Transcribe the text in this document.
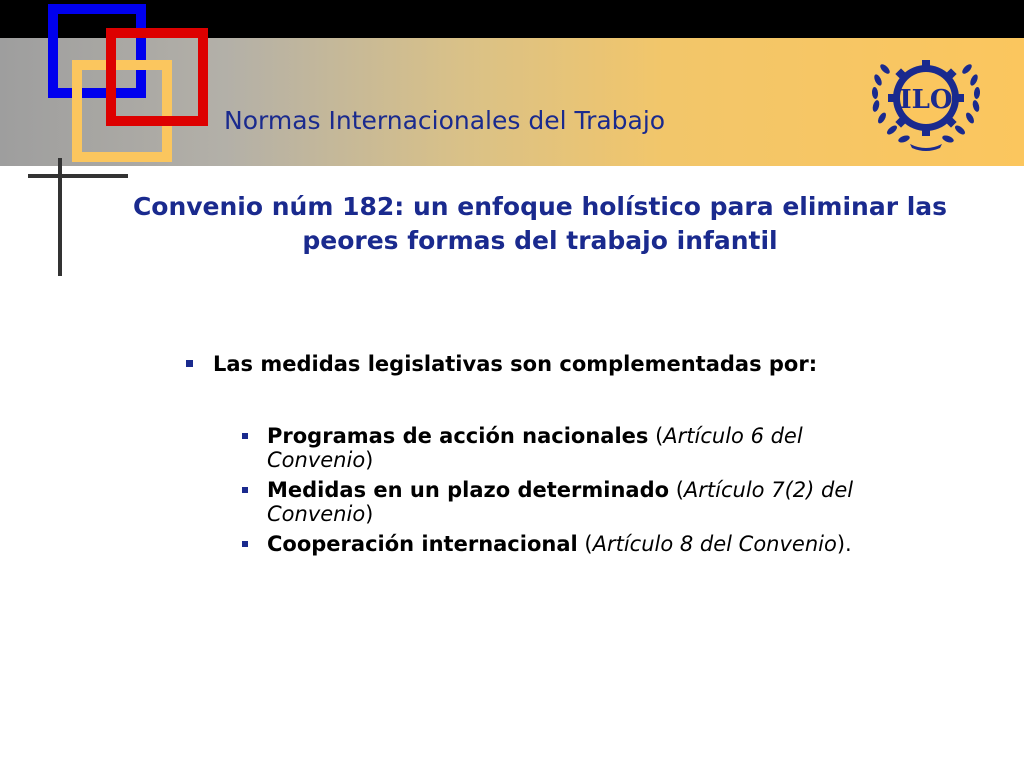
Normas Internacionales del Trabajo
ILO
Convenio núm 182: un enfoque holístico para eliminar las peores formas del trabajo infantil
Las medidas legislativas son complementadas por:
Programas de acción nacionales (Artículo 6 del Convenio)
Medidas en un plazo determinado (Artículo 7(2) del Convenio)
Cooperación internacional (Artículo 8 del Convenio).
